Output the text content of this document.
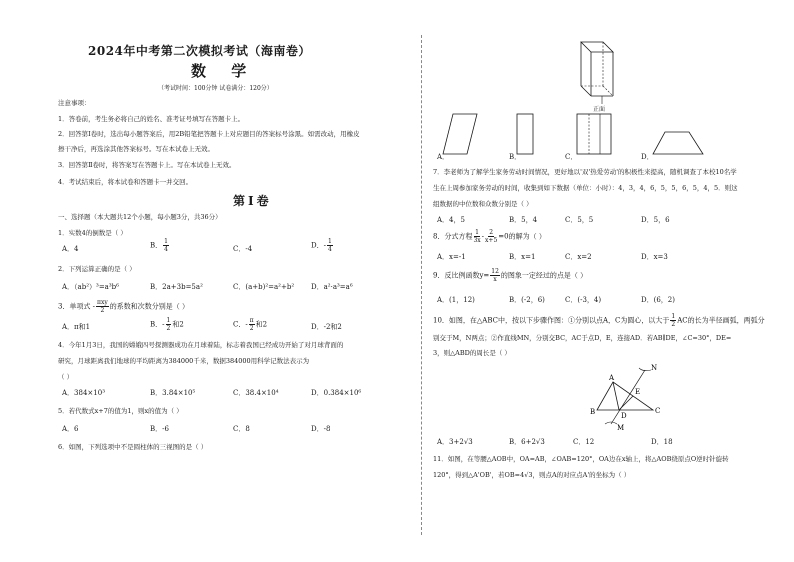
2024年中考第二次模拟考试（海南卷）
数 学
（考试时间：100分钟 试卷满分：120分）
注意事项：
1．答卷前，考生务必将自己的姓名、准考证号填写在答题卡上。
2．回答第Ⅰ卷时，选出每小题答案后，用2B铅笔把答题卡上对应题目的答案标号涂黑。如需改动，用橡皮
擦干净后，再选涂其他答案标号。写在本试卷上无效。
3．回答第Ⅱ卷时，将答案写在答题卡上。写在本试卷上无效。
4．考试结束后，将本试卷和答题卡一并交回。
第Ⅰ卷
一、选择题（本大题共12个小题，每小题3分，共36分）
1．实数4的倒数是（ ）
A．4	B． $\frac{1}{4}$	C．-4	D．- $\frac{1}{4}$
2．下列运算正确的是（ ）
A．（ab²）³=a³b⁶	B．2a+3b=5a²	C．(a+b)²=a²+b² D．a²·a³=a⁶
3．单项式 - $\frac{\text{πxy}}{2}$ 的系数和次数分别是（ ）
A．π和1	B．- $\frac{1}{2}$ 和2	C．- $\frac{\pi}{2}$ 和2	D．-2和2
4．今年1月3日，我国的嫦娥四号探测器成功在月球着陆，标志着我国已经成功开始了对月球背面的
研究，月球距离我们地球的平均距离为384000千米，数据384000用科学记数法表示为
（ ）
A．384×10³	B．3.84×10⁵	C．38.4×10⁴	D．0.384×10⁶
5．若代数式x+7的值为1，则x的值为（ ）
A．6	B．-6	C．8	D．-8
6．如图，下列选项中不是圆柱体的三视图的是（ ）
正面
A．	B．	C．	D．
7．李老师为了解学生家务劳动时间情况，更好地以'双'热爱劳动'的积极性来提高，随机调查了本校10名学
生在上周参加家务劳动的时间，收集到如下数据（单位：小时）：4，3，4，6，5，5，6，5，4，5．则这
组数据的中位数和众数分别是（ ）
A．4，5	B．5，4	C．5，5	D．5，6
8．分式方程 $\frac{1}{3x} - \frac{2}{x+5} =0$的解为（ ）
A．x=-1	B．x=1	C．x=2	D．x=3
9．反比例函数$y= \frac{12}{x}$ 的图象一定经过的点是（ ）
A．(1，12)	B．(-2，6)	C．(-3，4)	D．(6，2)
10．如图，在△ABC中，按以下步骤作图：①分别以点A，C为圆心，以大于 $\frac{1}{2}$ AC的长为半径画弧，两弧分
别交于M，N两点；②作直线MN，分别交BC，AC于点D，E，连接AD．若AB∥DE，∠C=30°，DE=
3，则△ABD的周长是（ ）
A
B	C
D
E
M
N
A．3+2√3	B．6+2√3	C．12	D．18
11．如图，在等腰△AOB中，OA=AB，∠OAB=120°，OA边在x轴上，将△AOB绕原点O逆时针旋转
120°，得到△A'OB'，若OB=4√3，则点A的对应点A'的坐标为（ ）
